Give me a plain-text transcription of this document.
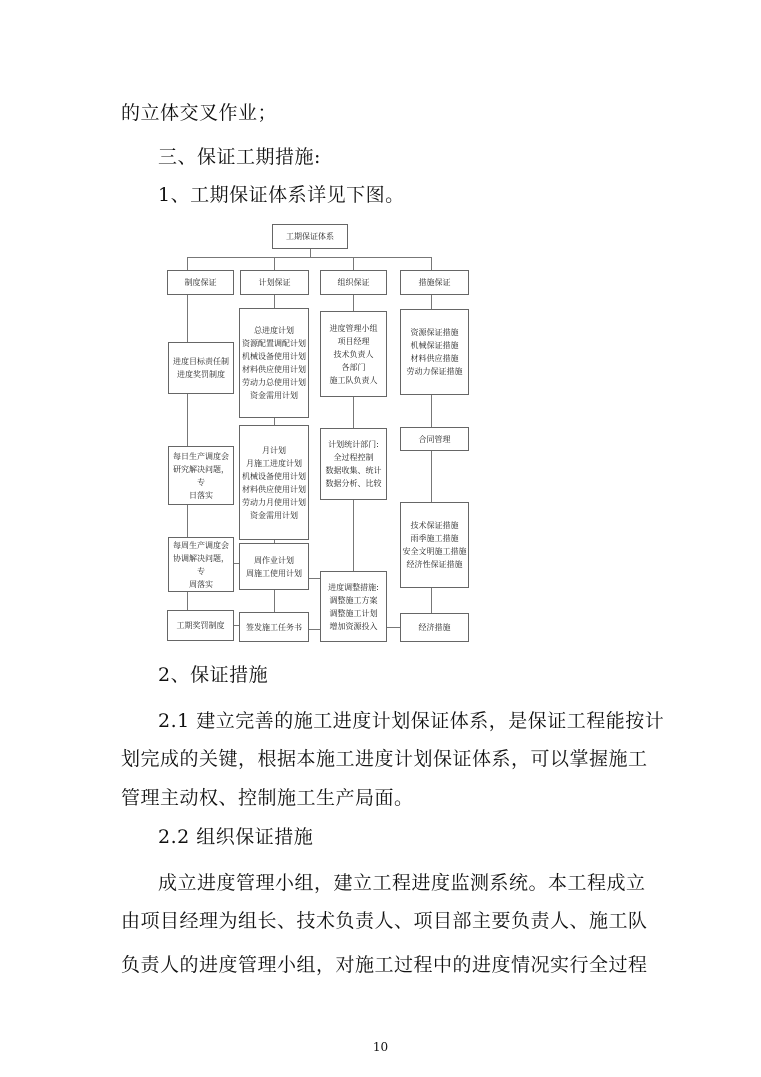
的立体交叉作业；
三、保证工期措施:
1、工期保证体系详见下图。
工期保证体系
制度保证	计划保证	组织保证	措施保证
进度目标责任制
进度奖罚制度
每日生产调度会
研究解决问题，专
日落实
每周生产调度会
协调解决问题，专
周落实
工期奖罚制度
总进度计划
资源配置调配计划
机械设备使用计划
材料供应使用计划
劳动力总使用计划
资金需用计划
月计划
月施工进度计划
机械设备使用计划
材料供应使用计划
劳动力月使用计划
资金需用计划
周作业计划
周施工使用计划
签发施工任务书
进度管理小组
项目经理
技术负责人
各部门
施工队负责人
计划统计部门:
全过程控制
数据收集、统计
数据分析、比较
进度调整措施:
调整施工方案
调整施工计划
增加资源投入
资源保证措施
机械保证措施
材料供应措施
劳动力保证措施
合同管理
技术保证措施
雨季施工措施
安全文明施工措施
经济性保证措施
经济措施
2、保证措施
2.1 建立完善的施工进度计划保证体系，是保证工程能按计
划完成的关键，根据本施工进度计划保证体系，可以掌握施工
管理主动权、控制施工生产局面。
2.2 组织保证措施
成立进度管理小组，建立工程进度监测系统。本工程成立
由项目经理为组长、技术负责人、项目部主要负责人、施工队
负责人的进度管理小组，对施工过程中的进度情况实行全过程
10
